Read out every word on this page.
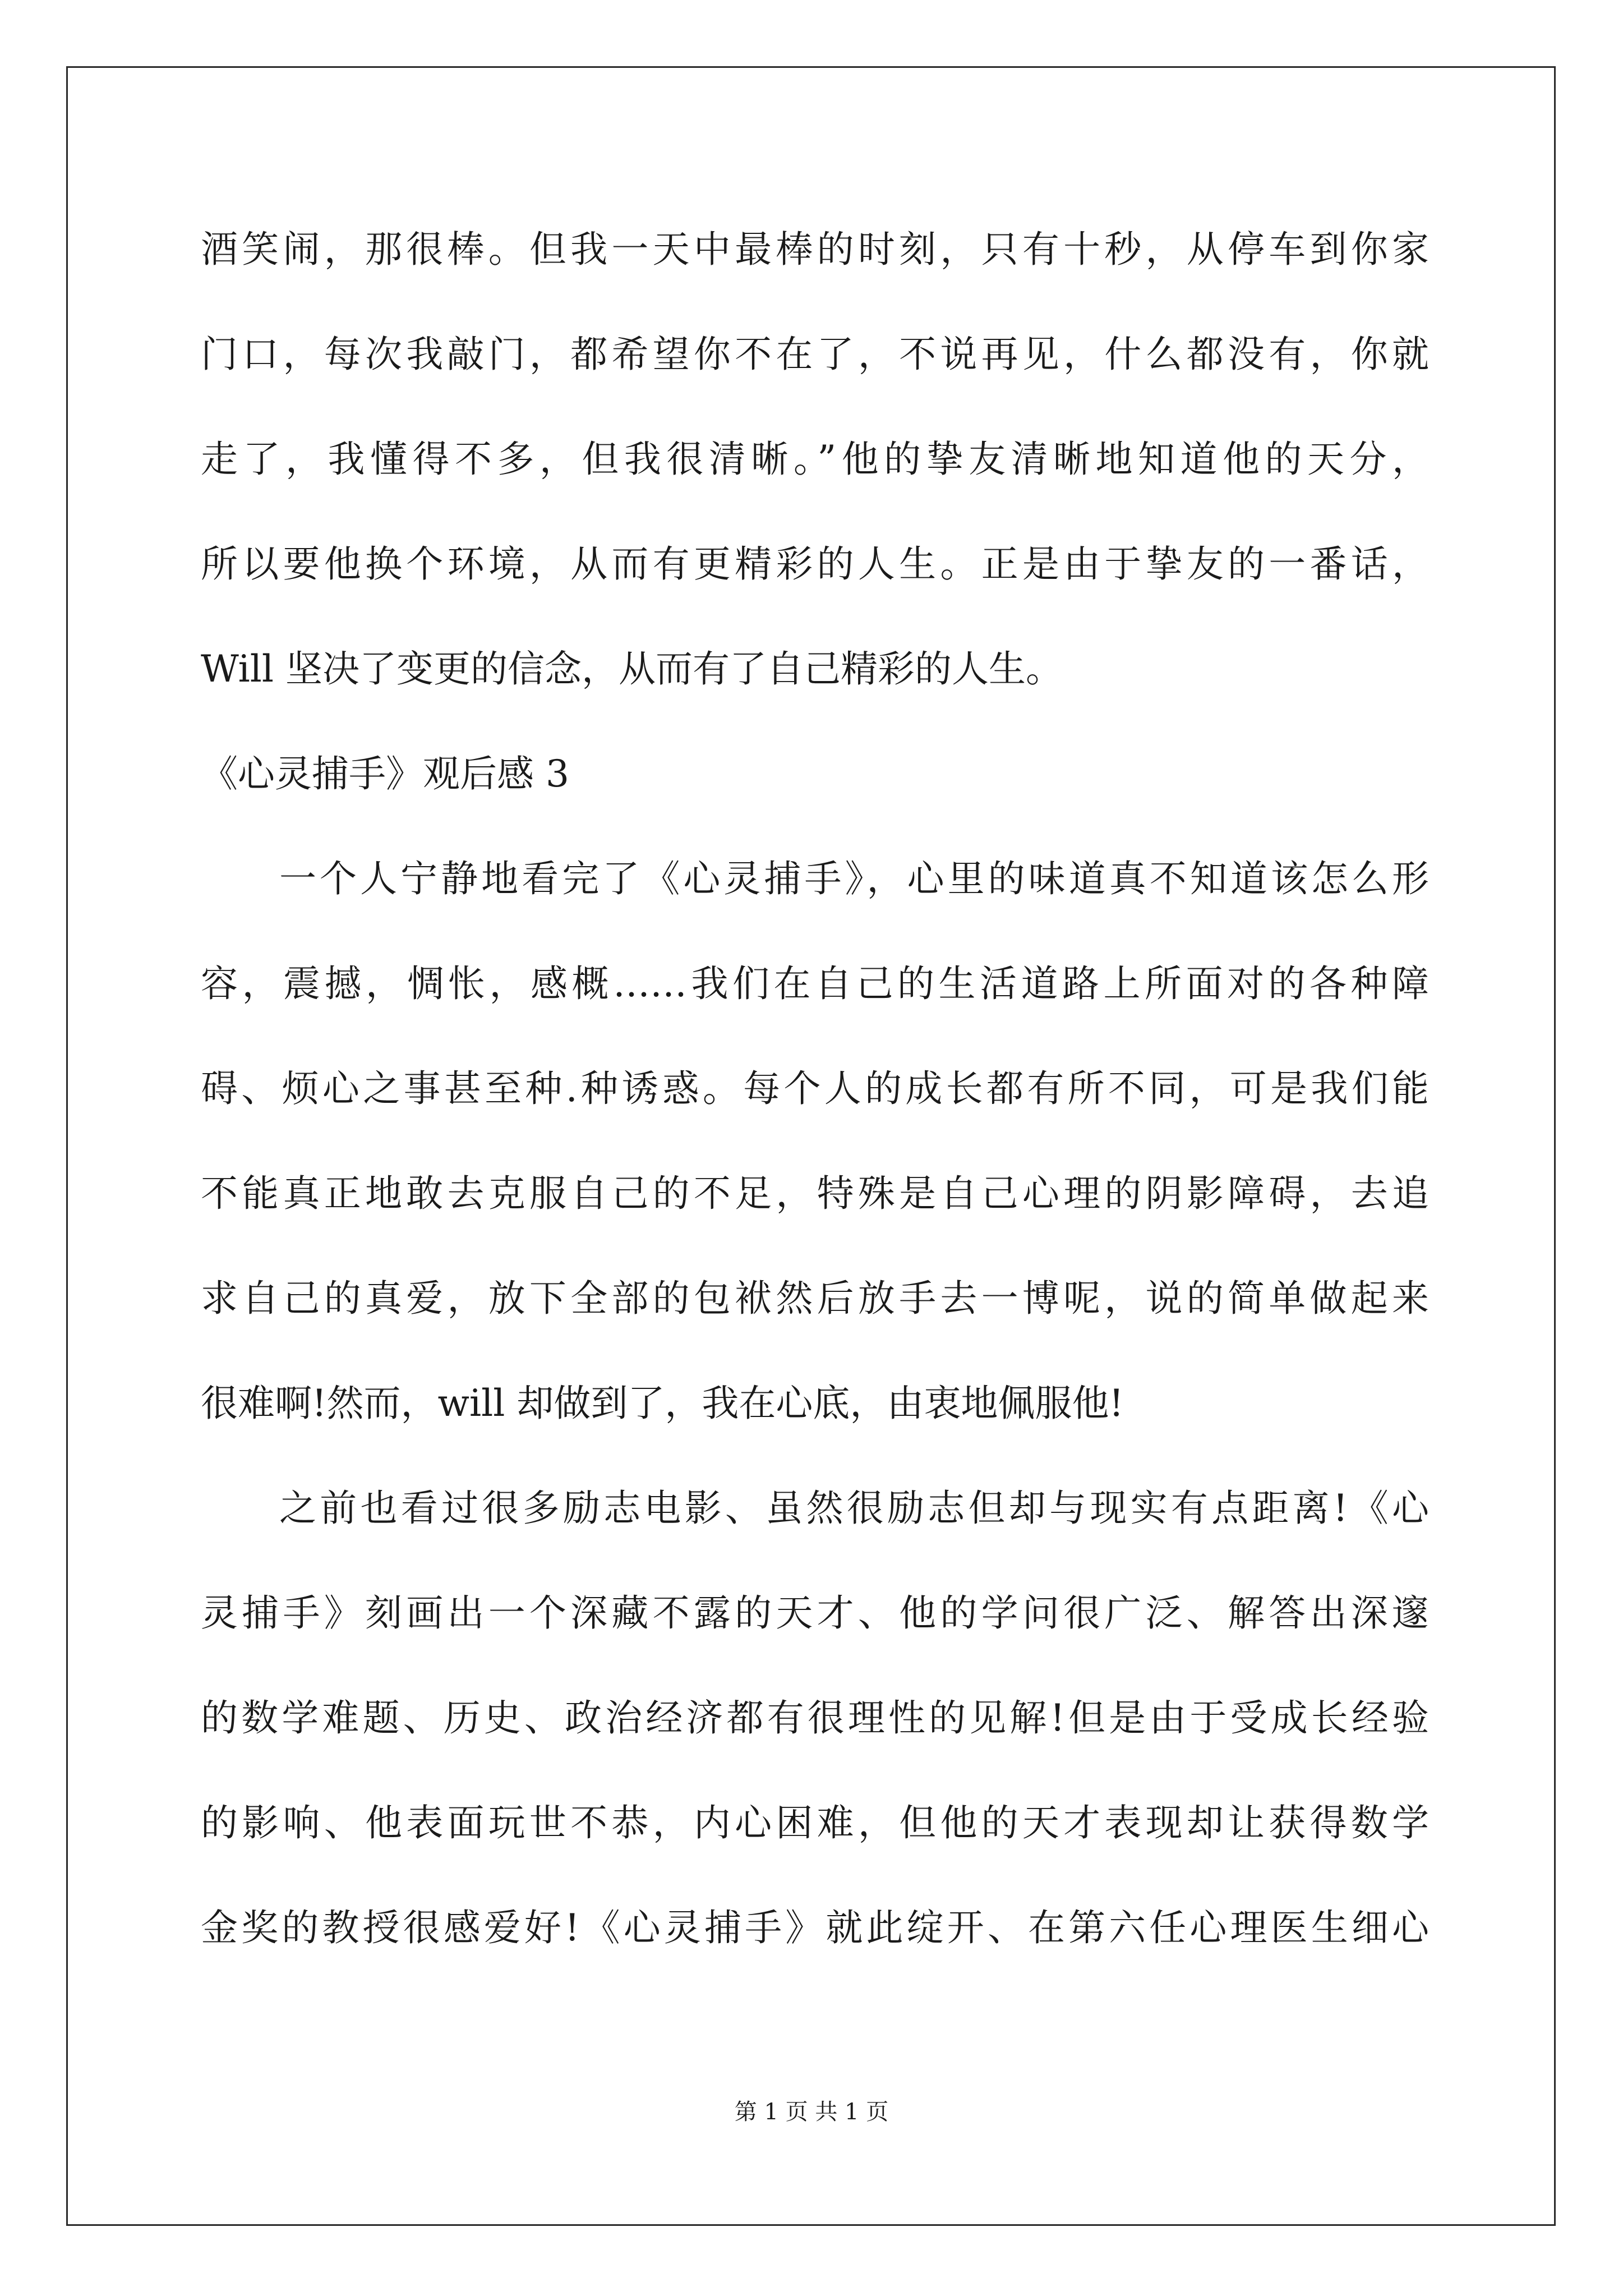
酒笑闹，那很棒。但我一天中最棒的时刻，只有十秒，从停车到你家

门口，每次我敲门，都希望你不在了，不说再见，什么都没有，你就

走了，我懂得不多，但我很清晰。”他的挚友清晰地知道他的天分，

所以要他换个环境，从而有更精彩的人生。正是由于挚友的一番话，

Will 坚决了变更的信念，从而有了自己精彩的人生。

《心灵捕手》观后感 3

一个人宁静地看完了《心灵捕手》，心里的味道真不知道该怎么形

容，震撼，惆怅，感概……我们在自己的生活道路上所面对的各种障

碍、烦心之事甚至种.种诱惑。每个人的成长都有所不同，可是我们能

不能真正地敢去克服自己的不足，特殊是自己心理的阴影障碍，去追

求自己的真爱，放下全部的包袱然后放手去一博呢，说的简单做起来

很难啊!然而，will 却做到了，我在心底，由衷地佩服他!

之前也看过很多励志电影、虽然很励志但却与现实有点距离!《心

灵捕手》刻画出一个深藏不露的天才、他的学问很广泛、解答出深邃

的数学难题、历史、政治经济都有很理性的见解!但是由于受成长经验

的影响、他表面玩世不恭，内心困难，但他的天才表现却让获得数学

金奖的教授很感爱好!《心灵捕手》就此绽开、在第六任心理医生细心

第 1 页 共 1 页
